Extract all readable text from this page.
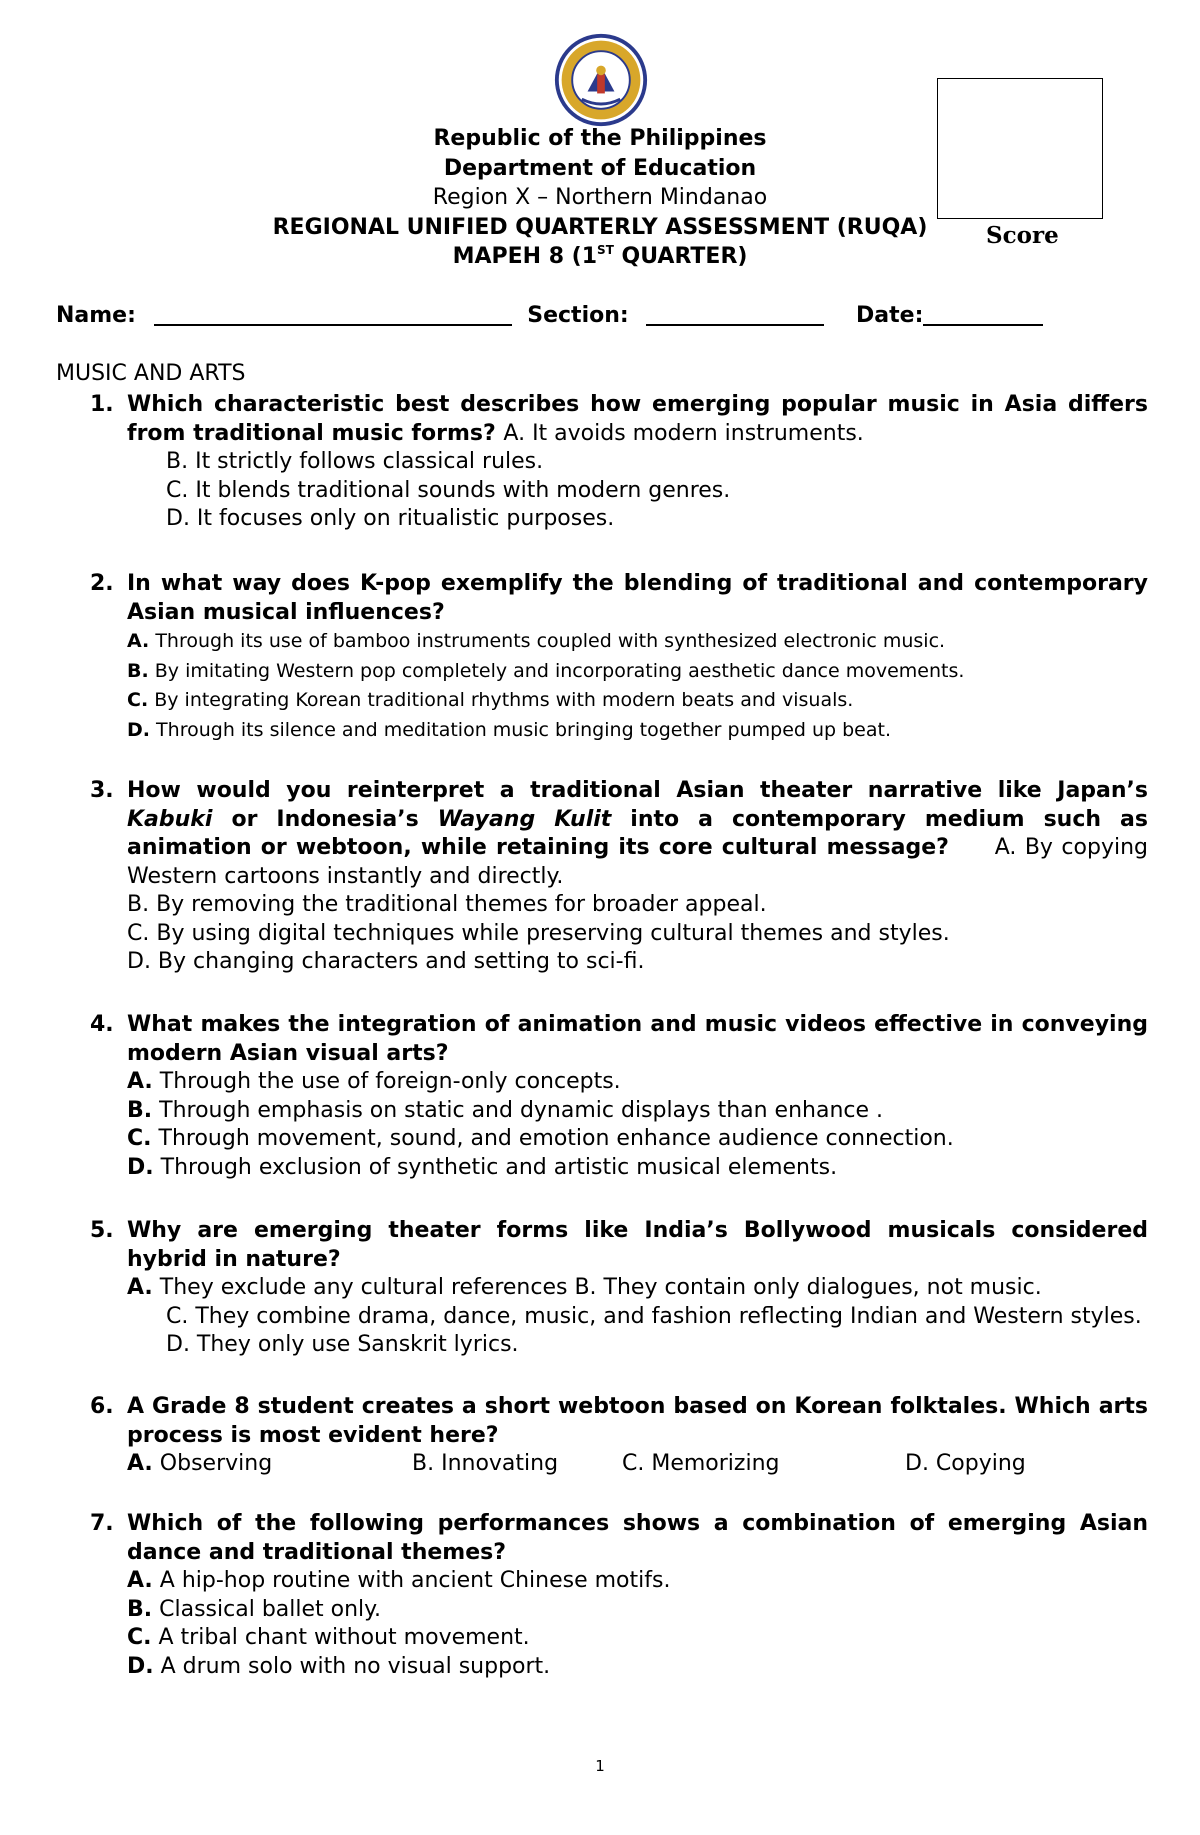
Score
Republic of the Philippines
Department of Education
Region X – Northern Mindanao
REGIONAL UNIFIED QUARTERLY ASSESSMENT (RUQA)
MAPEH 8 (1ST QUARTER)
Name:	Section:	Date:
MUSIC AND ARTS
1. Which characteristic best describes how emerging popular music in Asia differs from traditional music forms? A. It avoids modern instruments.
B. It strictly follows classical rules.
C. It blends traditional sounds with modern genres.
D. It focuses only on ritualistic purposes.
2. In what way does K-pop exemplify the blending of traditional and contemporary Asian musical influences?
A. Through its use of bamboo instruments coupled with synthesized electronic music.
B. By imitating Western pop completely and incorporating aesthetic dance movements.
C. By integrating Korean traditional rhythms with modern beats and visuals.
D. Through its silence and meditation music bringing together pumped up beat.
3. How would you reinterpret a traditional Asian theater narrative like Japan’s Kabuki or Indonesia’s Wayang Kulit into a contemporary medium such as animation or webtoon, while retaining its core cultural message? A. By copying Western cartoons instantly and directly.
B. By removing the traditional themes for broader appeal.
C. By using digital techniques while preserving cultural themes and styles.
D. By changing characters and setting to sci-fi.
4. What makes the integration of animation and music videos effective in conveying modern Asian visual arts?
A. Through the use of foreign-only concepts.
B. Through emphasis on static and dynamic displays than enhance .
C. Through movement, sound, and emotion enhance audience connection.
D. Through exclusion of synthetic and artistic musical elements.
5. Why are emerging theater forms like India’s Bollywood musicals considered hybrid in nature?
A. They exclude any cultural references B. They contain only dialogues, not music.
C. They combine drama, dance, music, and fashion reflecting Indian and Western styles.
D. They only use Sanskrit lyrics.
6. A Grade 8 student creates a short webtoon based on Korean folktales. Which arts process is most evident here?
A. Observing	B. Innovating	C. Memorizing	D. Copying
7. Which of the following performances shows a combination of emerging Asian dance and traditional themes?
A. A hip-hop routine with ancient Chinese motifs.
B. Classical ballet only.
C. A tribal chant without movement.
D. A drum solo with no visual support.
1
